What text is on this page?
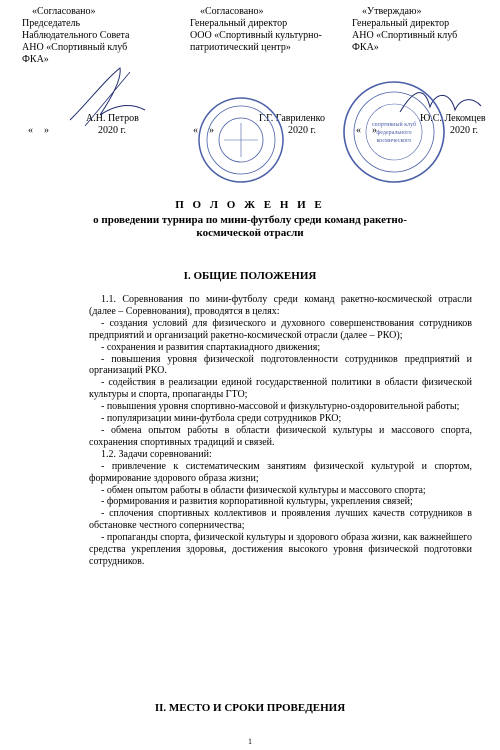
«Согласовано»
Председатель
Наблюдательного Совета
АНО «Спортивный клуб
ФКА»
А.Н. Петров
« »	2020 г.
«Согласовано»
Генеральный директор
ООО «Спортивный культурно-
патриотический центр»
Г.Г. Гавриленко
« »	2020 г.
«Утверждаю»
Генеральный директор
АНО «Спортивный клуб
ФКА»
Ю.С. Лекомцев
« »	2020 г.
спортивный клуб
федерального
космического
П О Л О Ж Е Н И Е
о проведении турнира по мини-футболу среди команд ракетно-
космической отрасли
I. ОБЩИЕ ПОЛОЖЕНИЯ

1.1. Соревнования по мини-футболу среди команд ракетно-космической отрасли (далее – Соревнования), проводятся в целях:

- создания условий для физического и духовного совершенствования сотрудников предприятий и организаций ракетно-космической отрасли (далее – РКО);

- сохранения и развития спартакиадного движения;

- повышения уровня физической подготовленности сотрудников предприятий и организаций РКО.

- содействия в реализации единой государственной политики в области физической культуры и спорта, пропаганды ГТО;

- повышения уровня спортивно-массовой и физкультурно-оздоровительной работы;

- популяризации мини-футбола среди сотрудников РКО;

- обмена опытом работы в области физической культуры и массового спорта, сохранения спортивных традиций и связей.

1.2. Задачи соревнований:

- привлечение к систематическим занятиям физической культурой и спортом, формирование здорового образа жизни;

- обмен опытом работы в области физической культуры и массового спорта;

- формирования и развития корпоративной культуры, укрепления связей;

- сплочения спортивных коллективов и проявления лучших качеств сотрудников в обстановке честного соперничества;

- пропаганды спорта, физической культуры и здорового образа жизни, как важнейшего средства укрепления здоровья, достижения высокого уровня физической подготовки сотрудников.

II. МЕСТО И СРОКИ ПРОВЕДЕНИЯ
1
